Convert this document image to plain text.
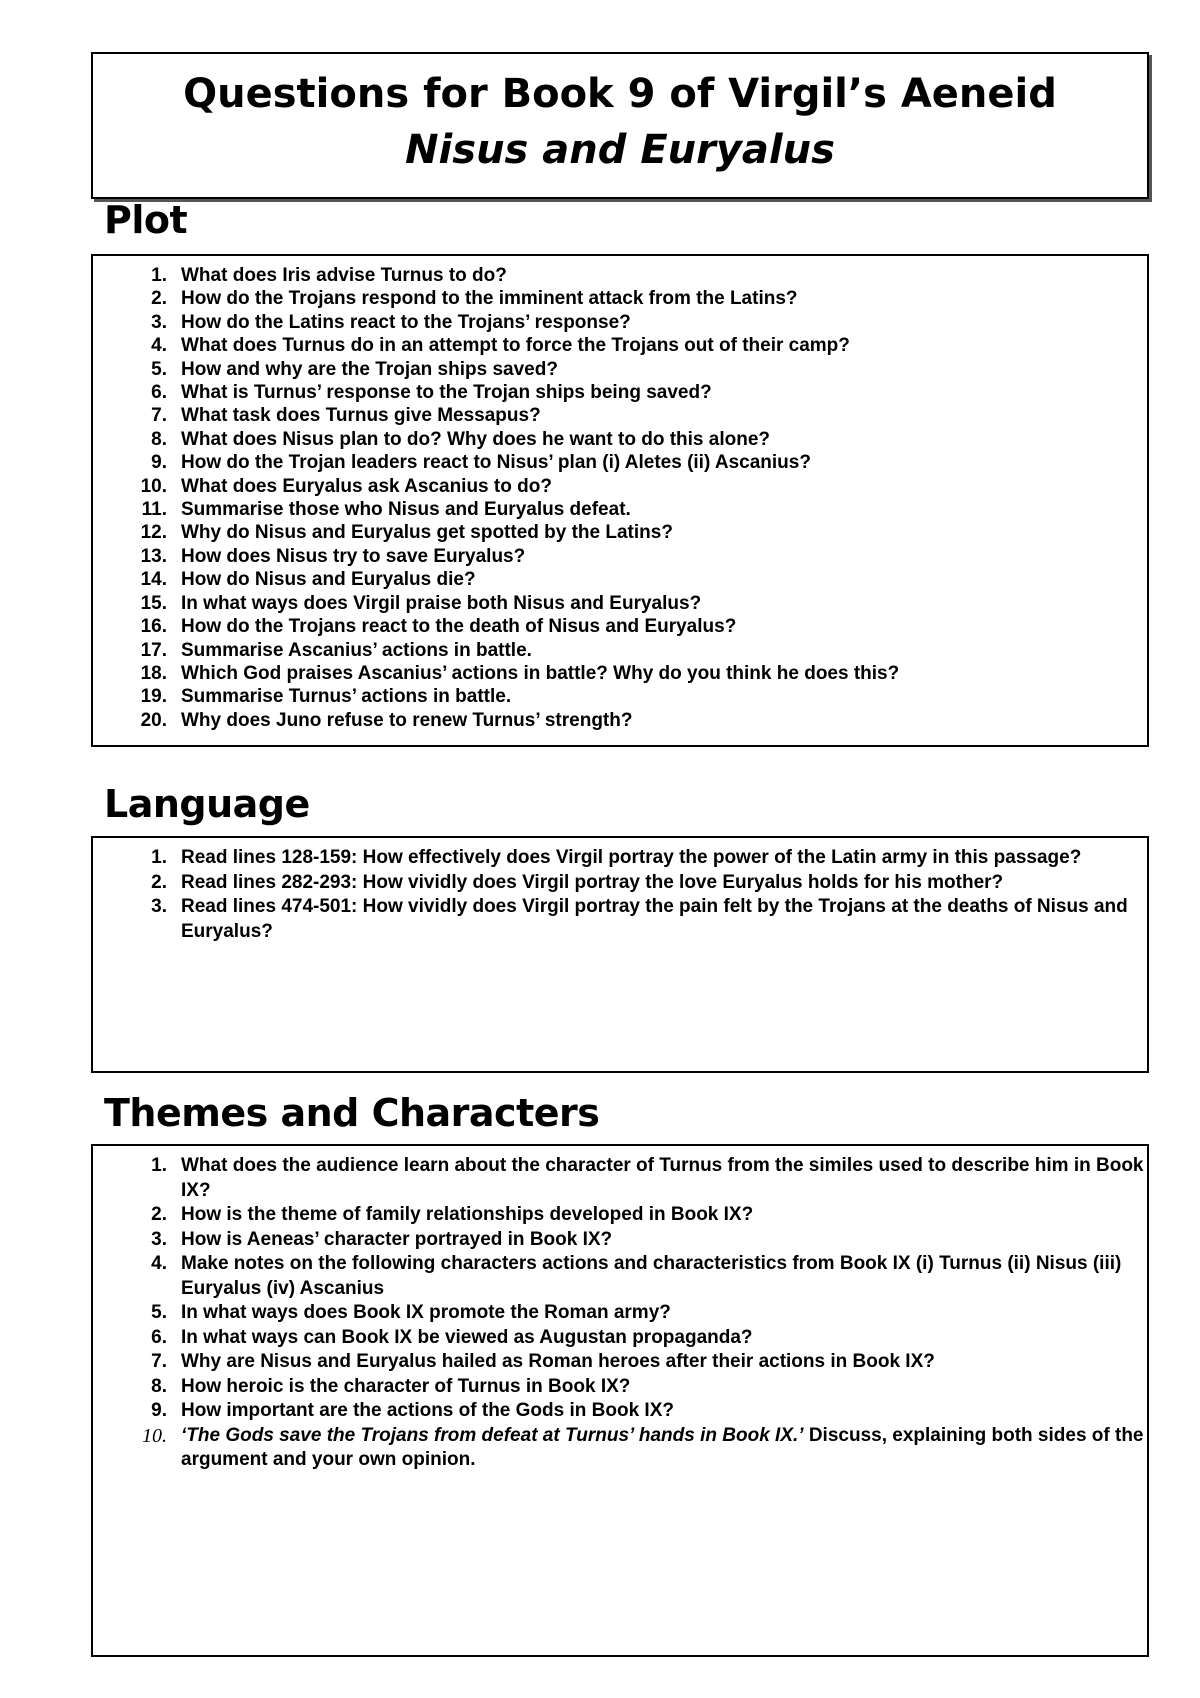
Questions for Book 9 of Virgil’s Aeneid
Nisus and Euryalus
Plot
1. What does Iris advise Turnus to do?
2. How do the Trojans respond to the imminent attack from the Latins?
3. How do the Latins react to the Trojans’ response?
4. What does Turnus do in an attempt to force the Trojans out of their camp?
5. How and why are the Trojan ships saved?
6. What is Turnus’ response to the Trojan ships being saved?
7. What task does Turnus give Messapus?
8. What does Nisus plan to do? Why does he want to do this alone?
9. How do the Trojan leaders react to Nisus’ plan (i) Aletes (ii) Ascanius?
10. What does Euryalus ask Ascanius to do?
11. Summarise those who Nisus and Euryalus defeat.
12. Why do Nisus and Euryalus get spotted by the Latins?
13. How does Nisus try to save Euryalus?
14. How do Nisus and Euryalus die?
15. In what ways does Virgil praise both Nisus and Euryalus?
16. How do the Trojans react to the death of Nisus and Euryalus?
17. Summarise Ascanius’ actions in battle.
18. Which God praises Ascanius’ actions in battle? Why do you think he does this?
19. Summarise Turnus’ actions in battle.
20. Why does Juno refuse to renew Turnus’ strength?
Language
1. Read lines 128-159: How effectively does Virgil portray the power of the Latin army in this passage?
2. Read lines 282-293: How vividly does Virgil portray the love Euryalus holds for his mother?
3. Read lines 474-501: How vividly does Virgil portray the pain felt by the Trojans at the deaths of Nisus and Euryalus?
Themes and Characters
1. What does the audience learn about the character of Turnus from the similes used to describe him in Book IX?
2. How is the theme of family relationships developed in Book IX?
3. How is Aeneas’ character portrayed in Book IX?
4. Make notes on the following characters actions and characteristics from Book IX (i) Turnus (ii) Nisus (iii) Euryalus (iv) Ascanius
5. In what ways does Book IX promote the Roman army?
6. In what ways can Book IX be viewed as Augustan propaganda?
7. Why are Nisus and Euryalus hailed as Roman heroes after their actions in Book IX?
8. How heroic is the character of Turnus in Book IX?
9. How important are the actions of the Gods in Book IX?
10. ‘The Gods save the Trojans from defeat at Turnus’ hands in Book IX.’ Discuss, explaining both sides of the argument and your own opinion.
